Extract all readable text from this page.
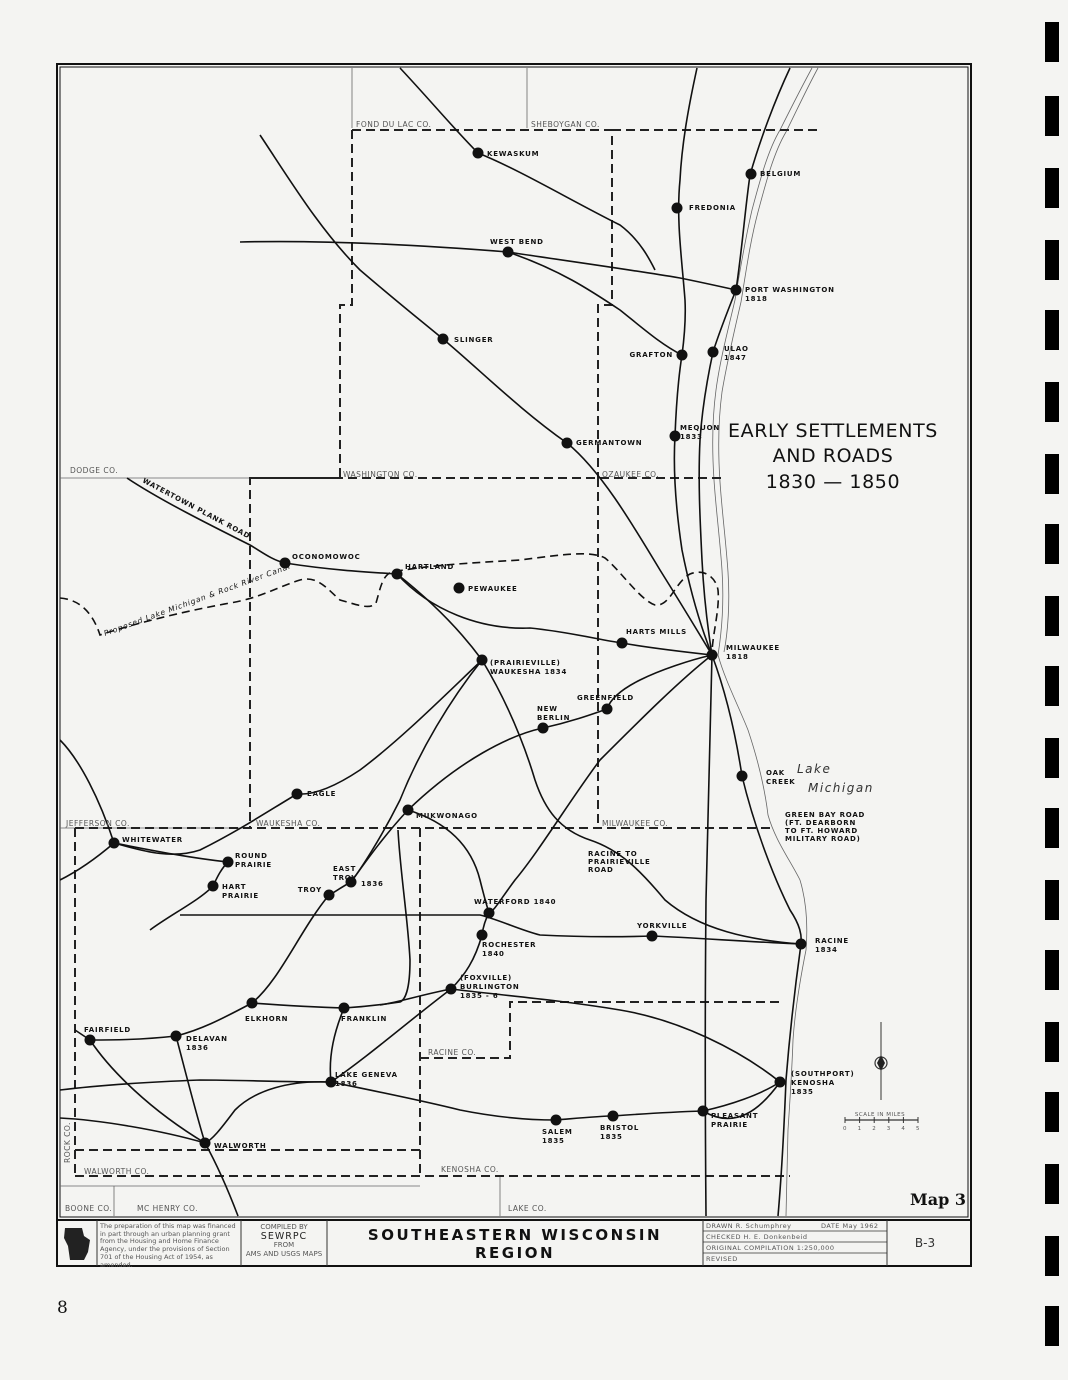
KEWASKUM
BELGIUM
FREDONIA
WEST BEND
PORT WASHINGTON
1818
SLINGER
GRAFTON
ULAO
1847
MEQUON
1833
GERMANTOWN
OCONOMOWOC
HARTLAND
PEWAUKEE
HARTS MILLS
MILWAUKEE
1818
(PRAIRIEVILLE)
WAUKESHA 1834
GREENFIELD
NEW
BERLIN
OAK
CREEK
EAGLE
MUKWONAGO
WHITEWATER
ROUND
PRAIRIE
HART
PRAIRIE
EAST
TROY
1836
TROY
WATERFORD 1840
YORKVILLE
ROCHESTER
1840
RACINE
1834
(FOXVILLE)
BURLINGTON
1835 - 6
ELKHORN	FRANKLIN
FAIRFIELD
DELAVAN
1836
LAKE GENEVA
1836
(SOUTHPORT)
KENOSHA
1835
SALEM
1835
BRISTOL
1835
PLEASANT
PRAIRIE
WALWORTH
FOND DU LAC CO.	SHEBOYGAN CO.
DODGE CO.	WASHINGTON CO.	OZAUKEE CO.
JEFFERSON CO.	WAUKESHA CO.	MILWAUKEE CO.
RACINE CO.
ROCK CO.
WALWORTH CO.	KENOSHA CO.
BOONE CO.	MC HENRY CO.	LAKE CO.
WATERTOWN PLANK ROAD
Proposed Lake Michigan & Rock River Canal
GREEN BAY ROAD
(FT. DEARBORN
TO FT. HOWARD
MILITARY ROAD)
RACINE TO
PRAIRIEVILLE
ROAD
Lake
Michigan
EARLY SETTLEMENTS
AND ROADS
1830 — 1850
SCALE IN MILES
0 1 2 3 4 5
8
Map 3
The preparation of this map was financed in part through an urban planning grant from the Housing and Home Finance Agency, under the provisions of Section 701 of the Housing Act of 1954, as amended.
COMPILED BY
SEWRPC
FROM
AMS AND USGS MAPS
SOUTHEASTERN WISCONSIN
REGION
DRAWN R. Schumphrey	DATE May 1962
CHECKED H. E. Donkenbeid
ORIGINAL COMPILATION 1:250,000
REVISED
B-3
